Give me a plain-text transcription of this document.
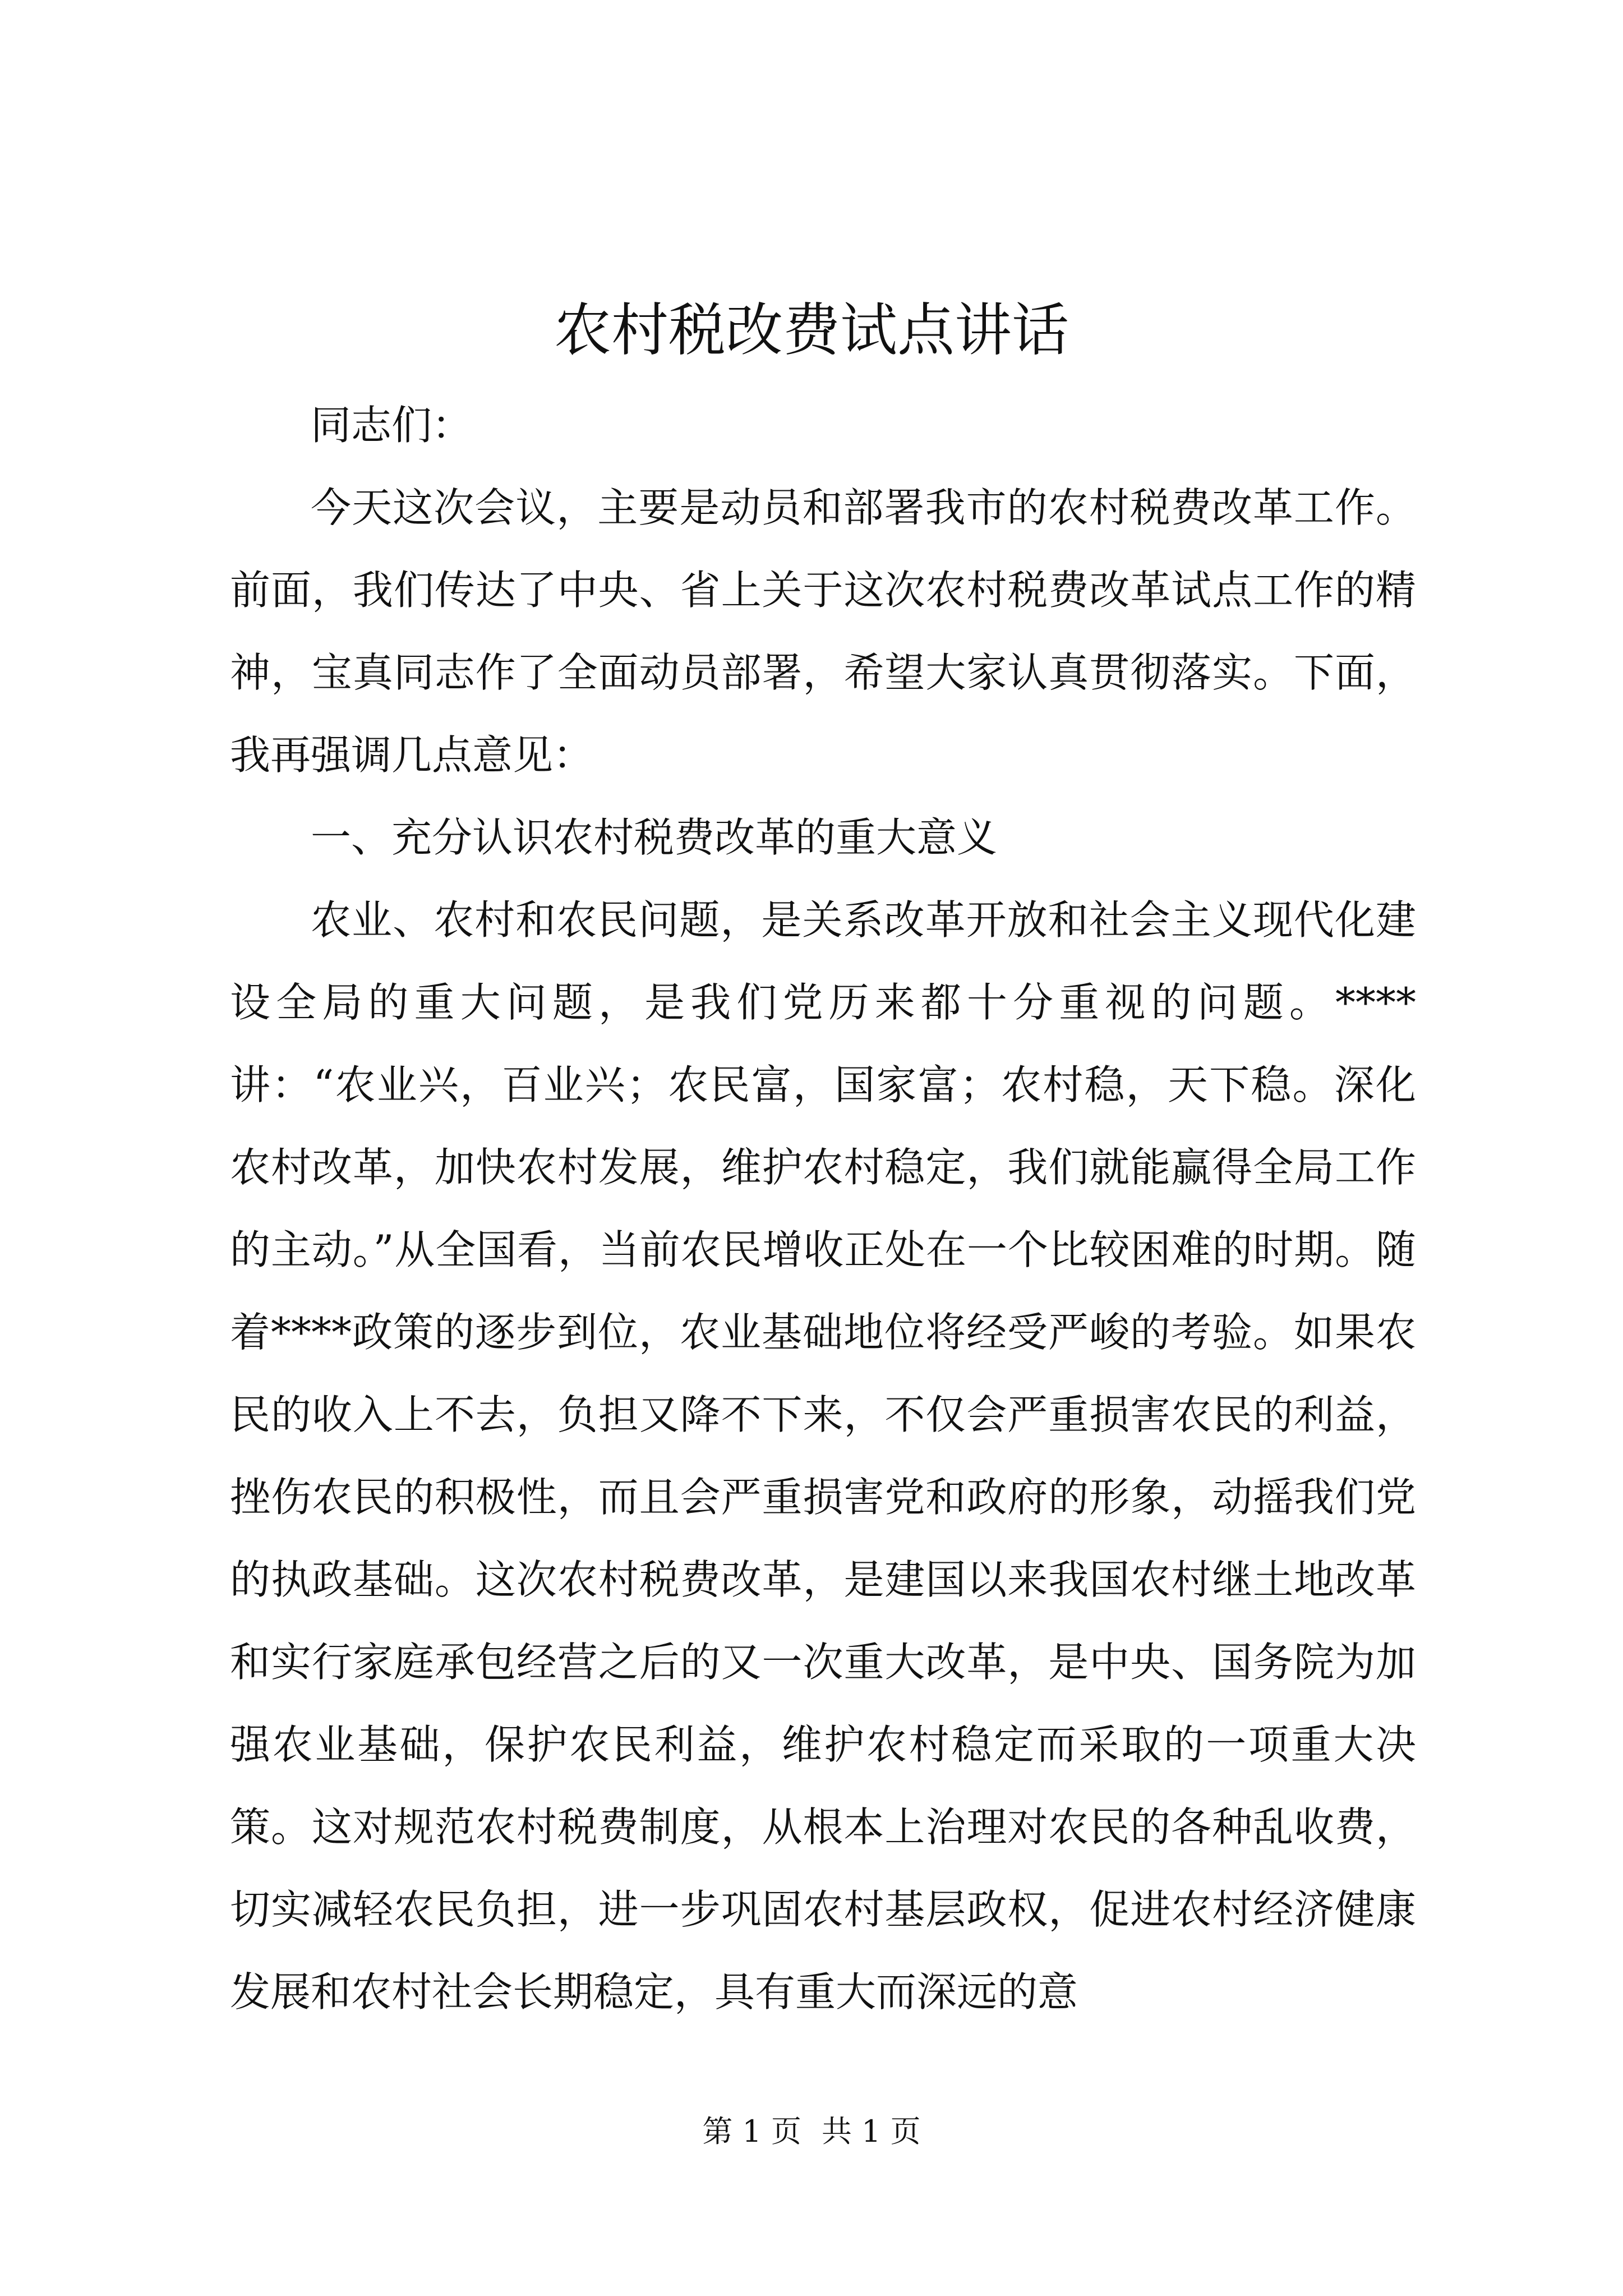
农村税改费试点讲话

同志们：

今天这次会议，主要是动员和部署我市的农村税费改革工作。前面，我们传达了中央、省上关于这次农村税费改革试点工作的精神，宝真同志作了全面动员部署，希望大家认真贯彻落实。下面，我再强调几点意见：

一、充分认识农村税费改革的重大意义

农业、农村和农民问题，是关系改革开放和社会主义现代化建设全局的重大问题，是我们党历来都十分重视的问题。****讲：“农业兴，百业兴；农民富，国家富；农村稳，天下稳。深化农村改革，加快农村发展，维护农村稳定，我们就能赢得全局工作的主动。”从全国看，当前农民增收正处在一个比较困难的时期。随着****政策的逐步到位，农业基础地位将经受严峻的考验。如果农民的收入上不去，负担又降不下来，不仅会严重损害农民的利益，挫伤农民的积极性，而且会严重损害党和政府的形象，动摇我们党的执政基础。这次农村税费改革，是建国以来我国农村继土地改革和实行家庭承包经营之后的又一次重大改革，是中央、国务院为加强农业基础，保护农民利益，维护农村稳定而采取的一项重大决策。这对规范农村税费制度，从根本上治理对农民的各种乱收费，切实减轻农民负担，进一步巩固农村基层政权，促进农村经济健康发展和农村社会长期稳定，具有重大而深远的意

第 1 页 共 1 页
